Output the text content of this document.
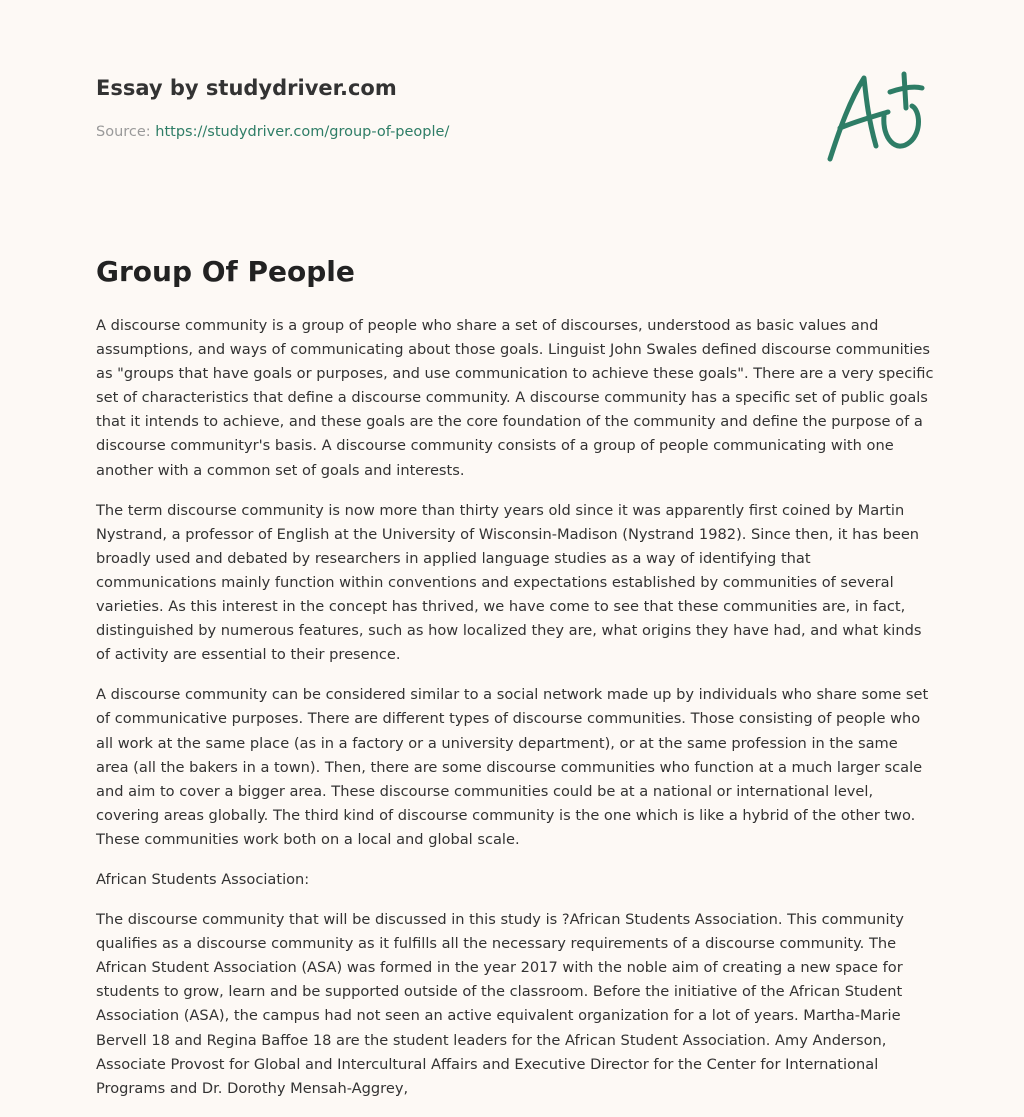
Essay by studydriver.com
Source: https://studydriver.com/group-of-people/
Group Of People

A discourse community is a group of people who share a set of discourses, understood as basic values and assumptions, and ways of communicating about those goals. Linguist John Swales defined discourse communities as "groups that have goals or purposes, and use communication to achieve these goals". There are a very specific set of characteristics that define a discourse community. A discourse community has a specific set of public goals that it intends to achieve, and these goals are the core foundation of the community and define the purpose of a discourse communityr's basis. A discourse community consists of a group of people communicating with one another with a common set of goals and interests.

The term discourse community is now more than thirty years old since it was apparently first coined by Martin Nystrand, a professor of English at the University of Wisconsin-Madison (Nystrand 1982). Since then, it has been broadly used and debated by researchers in applied language studies as a way of identifying that communications mainly function within conventions and expectations established by communities of several varieties. As this interest in the concept has thrived, we have come to see that these communities are, in fact, distinguished by numerous features, such as how localized they are, what origins they have had, and what kinds of activity are essential to their presence.

A discourse community can be considered similar to a social network made up by individuals who share some set of communicative purposes. There are different types of discourse communities. Those consisting of people who all work at the same place (as in a factory or a university department), or at the same profession in the same area (all the bakers in a town). Then, there are some discourse communities who function at a much larger scale and aim to cover a bigger area. These discourse communities could be at a national or international level, covering areas globally. The third kind of discourse community is the one which is like a hybrid of the other two. These communities work both on a local and global scale.

African Students Association:

The discourse community that will be discussed in this study is ?African Students Association. This community qualifies as a discourse community as it fulfills all the necessary requirements of a discourse community. The African Student Association (ASA) was formed in the year 2017 with the noble aim of creating a new space for students to grow, learn and be supported outside of the classroom. Before the initiative of the African Student Association (ASA), the campus had not seen an active equivalent organization for a lot of years. Martha-Marie Bervell 18 and Regina Baffoe 18 are the student leaders for the African Student Association. Amy Anderson, Associate Provost for Global and Intercultural Affairs and Executive Director for the Center for International Programs and Dr. Dorothy Mensah-Aggrey,
